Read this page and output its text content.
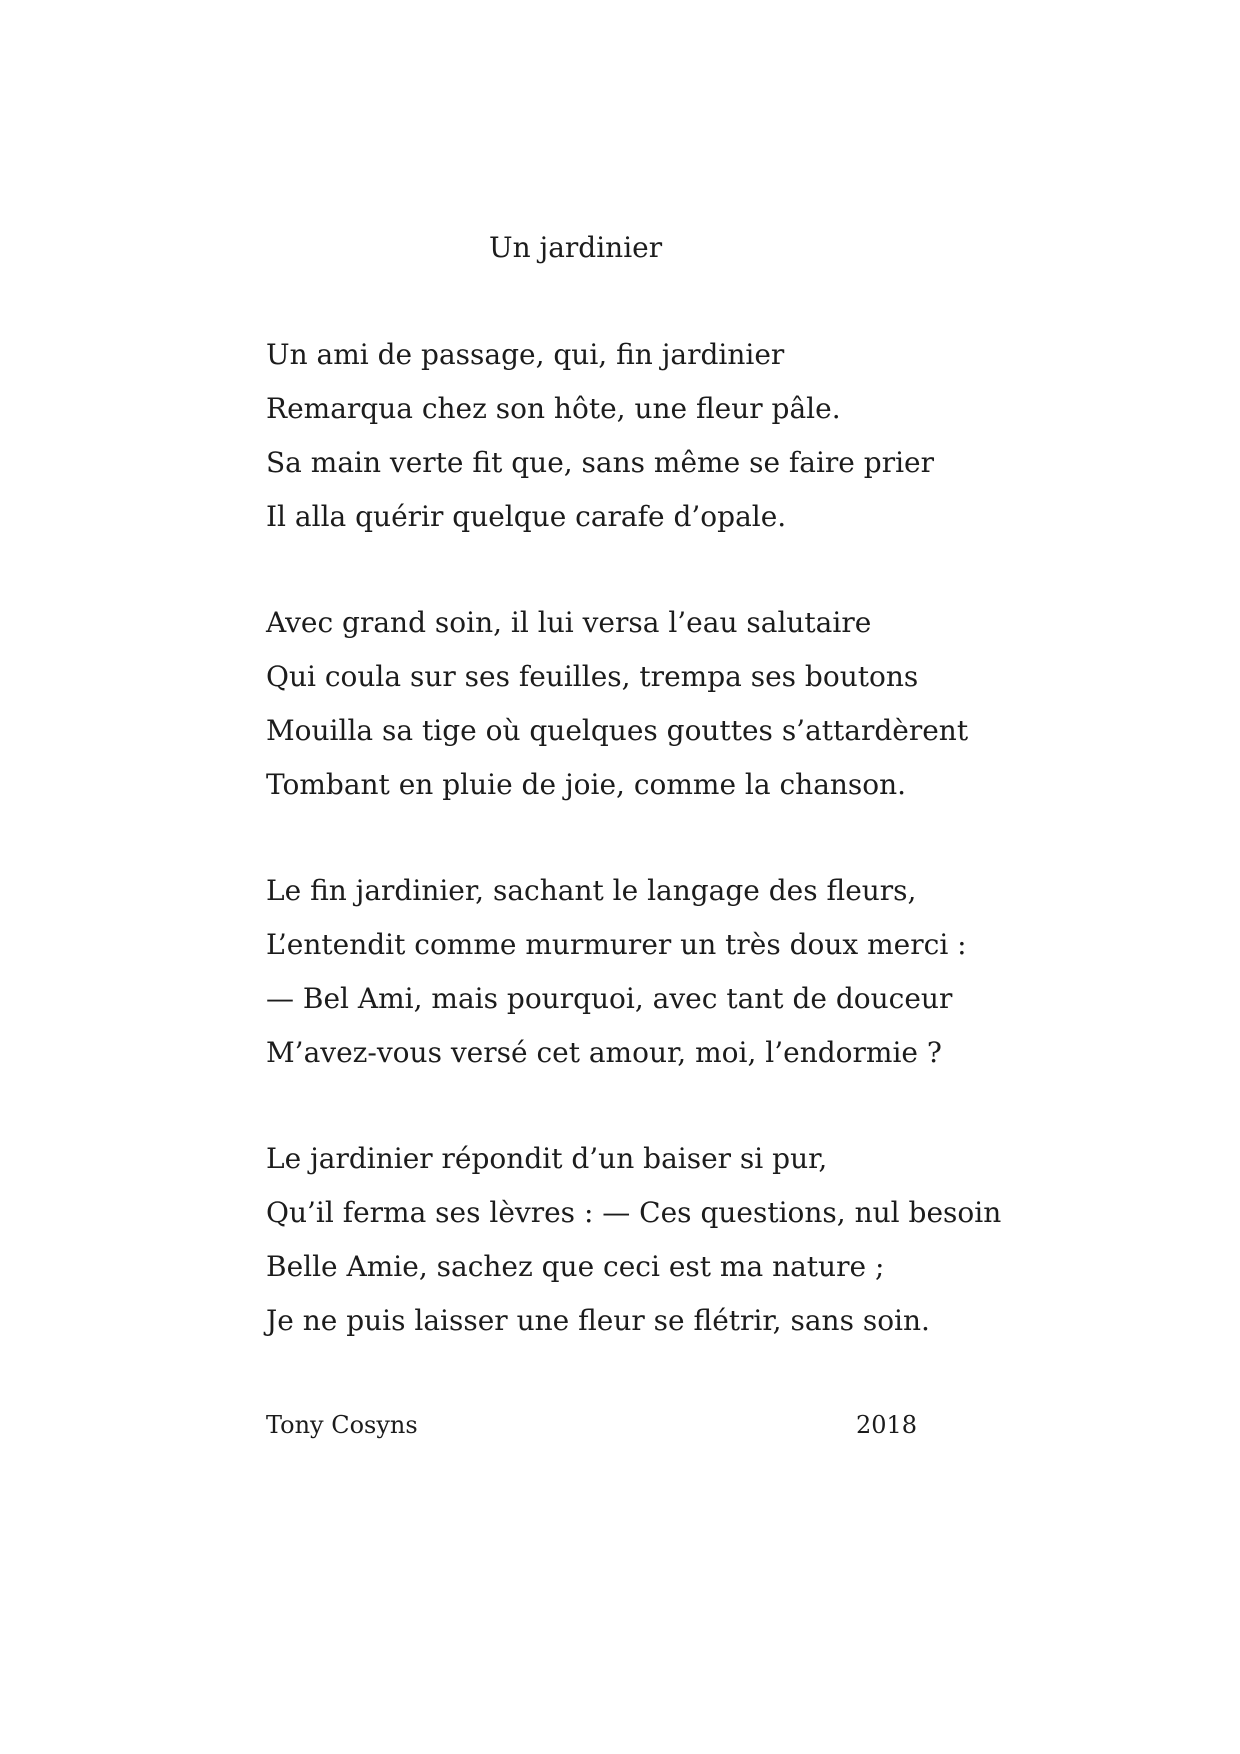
Un jardinier
Un ami de passage, qui, fin jardinier
Remarqua chez son hôte, une fleur pâle.
Sa main verte fit que, sans même se faire prier
Il alla quérir quelque carafe d’opale.
Avec grand soin, il lui versa l’eau salutaire
Qui coula sur ses feuilles, trempa ses boutons
Mouilla sa tige où quelques gouttes s’attardèrent
Tombant en pluie de joie, comme la chanson.
Le fin jardinier, sachant le langage des fleurs,
L’entendit comme murmurer un très doux merci :
— Bel Ami, mais pourquoi, avec tant de douceur
M’avez-vous versé cet amour, moi, l’endormie ?
Le jardinier répondit d’un baiser si pur,
Qu’il ferma ses lèvres : — Ces questions, nul besoin
Belle Amie, sachez que ceci est ma nature ;
Je ne puis laisser une fleur se flétrir, sans soin.
Tony Cosyns	2018
